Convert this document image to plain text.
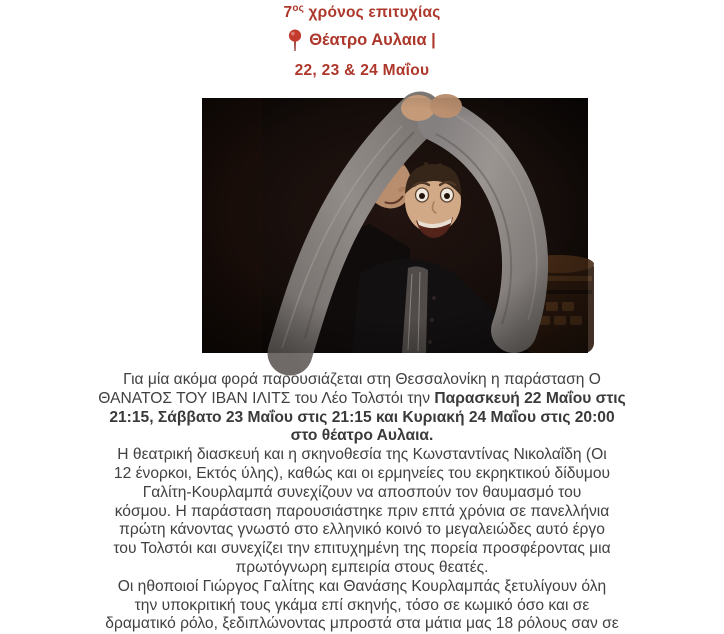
$7^{o\varsigma}$ χρόνος επιτυχίας
Θέατρο Αυλαια |
22, 23 & 24 Μαΐου
Για μία ακόμα φορά παρουσιάζεται στη Θεσσαλονίκη η παράσταση Ο
ΘΑΝΑΤΟΣ ΤΟΥ ΙΒΑΝ ΙΛΙΤΣ του Λέο Τολστόι την Παρασκευή 22 Μαΐου στις
21:15, Σάββατο 23 Μαΐου στις 21:15 και Κυριακή 24 Μαΐου στις 20:00
στο θέατρο Αυλαια.
Η θεατρική διασκευή και η σκηνοθεσία της Κωνσταντίνας Νικολαΐδη (Οι
12 ένορκοι, Εκτός ύλης), καθώς και οι ερμηνείες του εκρηκτικού δίδυμου
Γαλίτη-Κουρλαμπά συνεχίζουν να αποσπούν τον θαυμασμό του
κόσμου. Η παράσταση παρουσιάστηκε πριν επτά χρόνια σε πανελλήνια
πρώτη κάνοντας γνωστό στο ελληνικό κοινό το μεγαλειώδες αυτό έργο
του Τολστόι και συνεχίζει την επιτυχημένη της πορεία προσφέροντας μια
πρωτόγνωρη εμπειρία στους θεατές.
Οι ηθοποιοί Γιώργος Γαλίτης και Θανάσης Κουρλαμπάς ξετυλίγουν όλη
την υποκριτική τους γκάμα επί σκηνής, τόσο σε κωμικό όσο και σε
δραματικό ρόλο, ξεδιπλώνοντας μπροστά στα μάτια μας 18 ρόλους σαν σε
